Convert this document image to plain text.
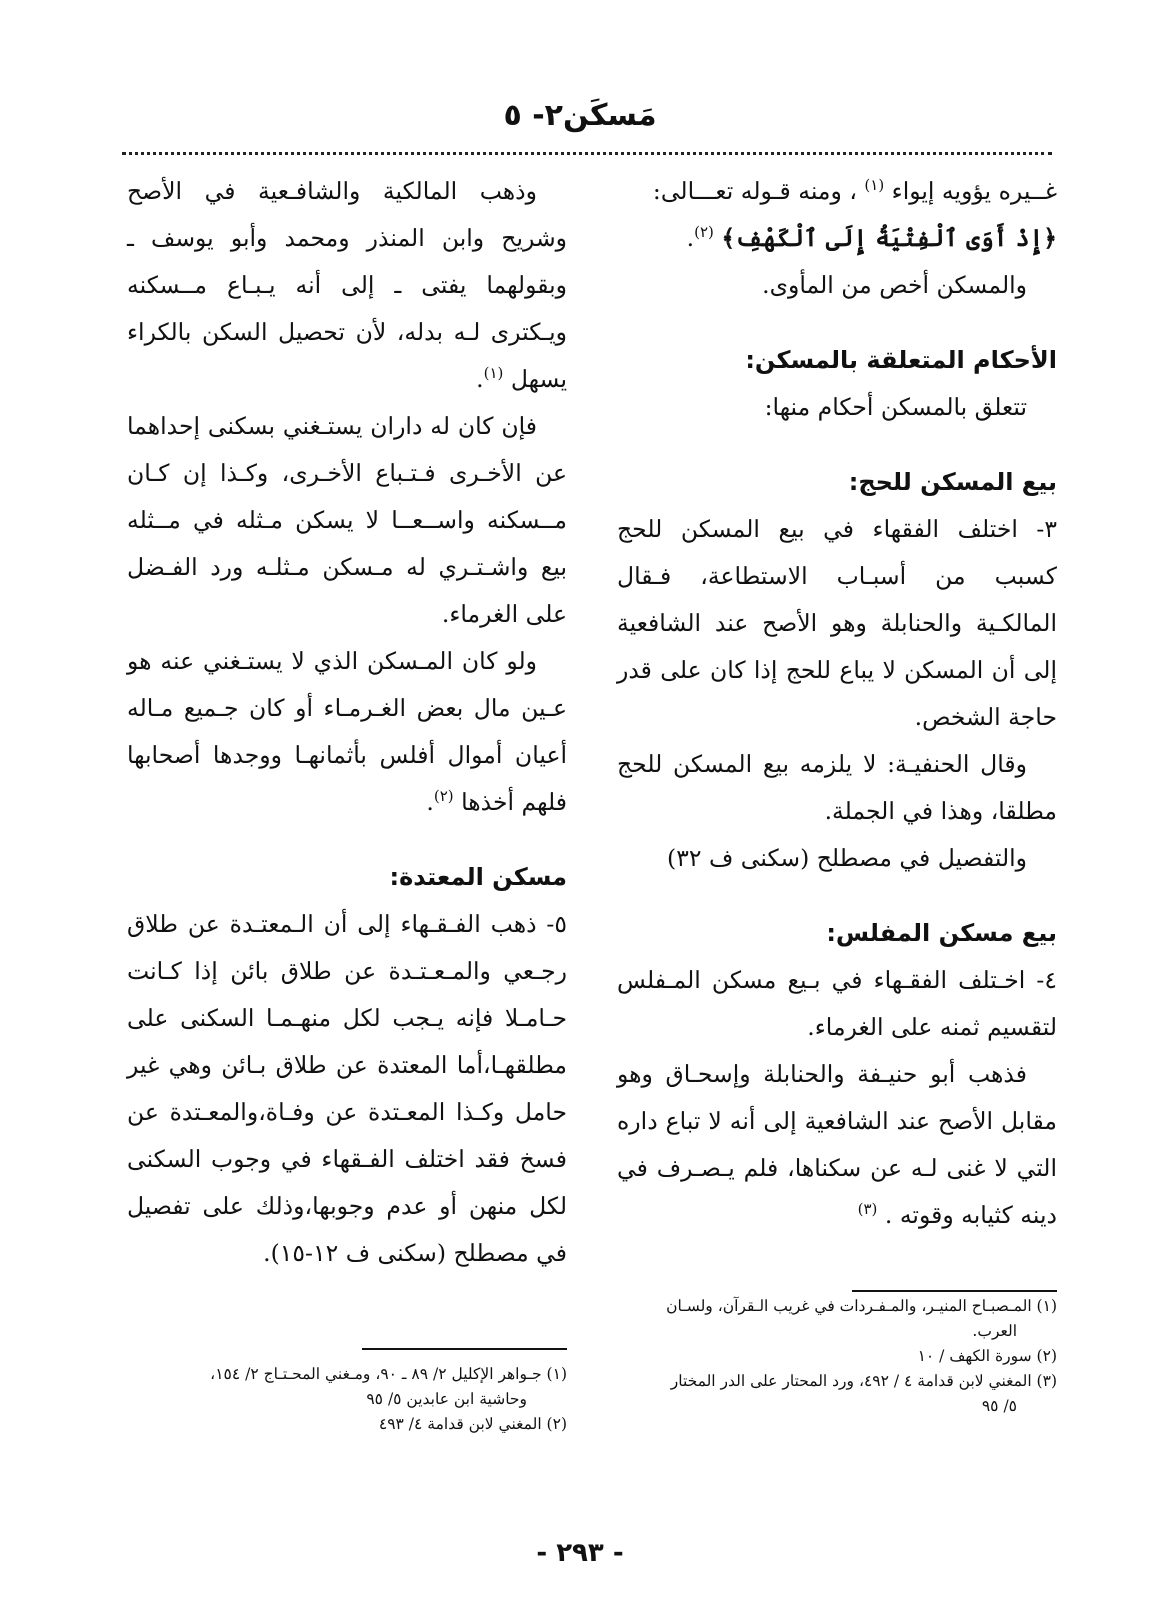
مَسكَن٢- ٥

غــيره يؤويه إيواء $^{(١)}$ ، ومنه قـوله تعـــالى:

﴿إِذْ أَوَى ٱلْفِتْيَةُ إِلَى ٱلْكَهْفِ﴾ $^{(٢)}$.

والمسكن أخص من المأوى.

الأحكام المتعلقة بالمسكن:

تتعلق بالمسكن أحكام منها:

بيع المسكن للحج:

٣- اختلف الفقهاء في بيع المسكن للحج كسبب من أسبـاب الاستطاعة، فـقال المالكـية والحنابلة وهو الأصح عند الشافعية إلى أن المسكن لا يباع للحج إذا كان على قدر حاجة الشخص.

وقال الحنفيـة: لا يلزمه بيع المسكن للحج مطلقا، وهذا في الجملة.

والتفصيل في مصطلح (سكنى ف ٣٢)

بيع مسكن المفلس:

٤- اخـتلف الفقـهاء في بـيع مسكن المـفلس لتقسيم ثمنه على الغرماء.

فذهب أبو حنيـفة والحنابلة وإسحـاق وهو مقابل الأصح عند الشافعية إلى أنه لا تباع داره التي لا غنى لـه عن سكناها، فلم يـصـرف في دينه كثيابه وقوته . $^{(٣)}$

وذهب المالكية والشافـعية في الأصح وشريح وابن المنذر ومحمد وأبو يوسف ـ وبقولهما يفتى ـ إلى أنه يـبـاع مــسكنه ويـكترى لـه بدله، لأن تحصيل السكن بالكراء يسهل $^{(١)}$.

فإن كان له داران يستـغني بسكنى إحداهما عن الأخـرى فـتـباع الأخـرى، وكـذا إن كـان مــسكنه واســعــا لا يسكن مـثله في مــثله بيع واشـتـري له مـسكن مـثلـه ورد الفـضل على الغرماء.

ولو كان المـسكن الذي لا يستـغني عنه هو عـين مال بعض الغـرمـاء أو كان جـميع مـاله أعيان أموال أفلس بأثمانهـا ووجدها أصحابها فلهم أخذها $^{(٢)}$.

مسكن المعتدة:

٥- ذهب الفـقـهاء إلى أن الـمعتـدة عن طلاق رجـعي والمـعـتـدة عن طلاق بائن إذا كـانت حـامـلا فإنه يـجب لكل منهـمـا السكنى على مطلقهـا،أما المعتدة عن طلاق بـائن وهي غير حامل وكـذا المعـتدة عن وفـاة،والمعـتدة عن فسخ فقد اختلف الفـقهاء في وجوب السكنى لكل منهن أو عدم وجوبها،وذلك على تفصيل في مصطلح (سكنى ف ١٢-١٥).

(١) المـصبـاح المنيـر، والمـفـردات في غريب الـقرآن، ولسـان

العرب.

(٢) سورة الكهف / ١٠

(٣) المغني لابن قدامة ٤ / ٤٩٢، ورد المحتار على الدر المختار

٥/ ٩٥

(١) جـواهر الإكليل ٢/ ٨٩ ـ ٩٠، ومـغني المحـتـاج ٢/ ١٥٤،

وحاشية ابن عابدين ٥/ ٩٥

(٢) المغني لابن قدامة ٤/ ٤٩٣

- ٢٩٣ -
